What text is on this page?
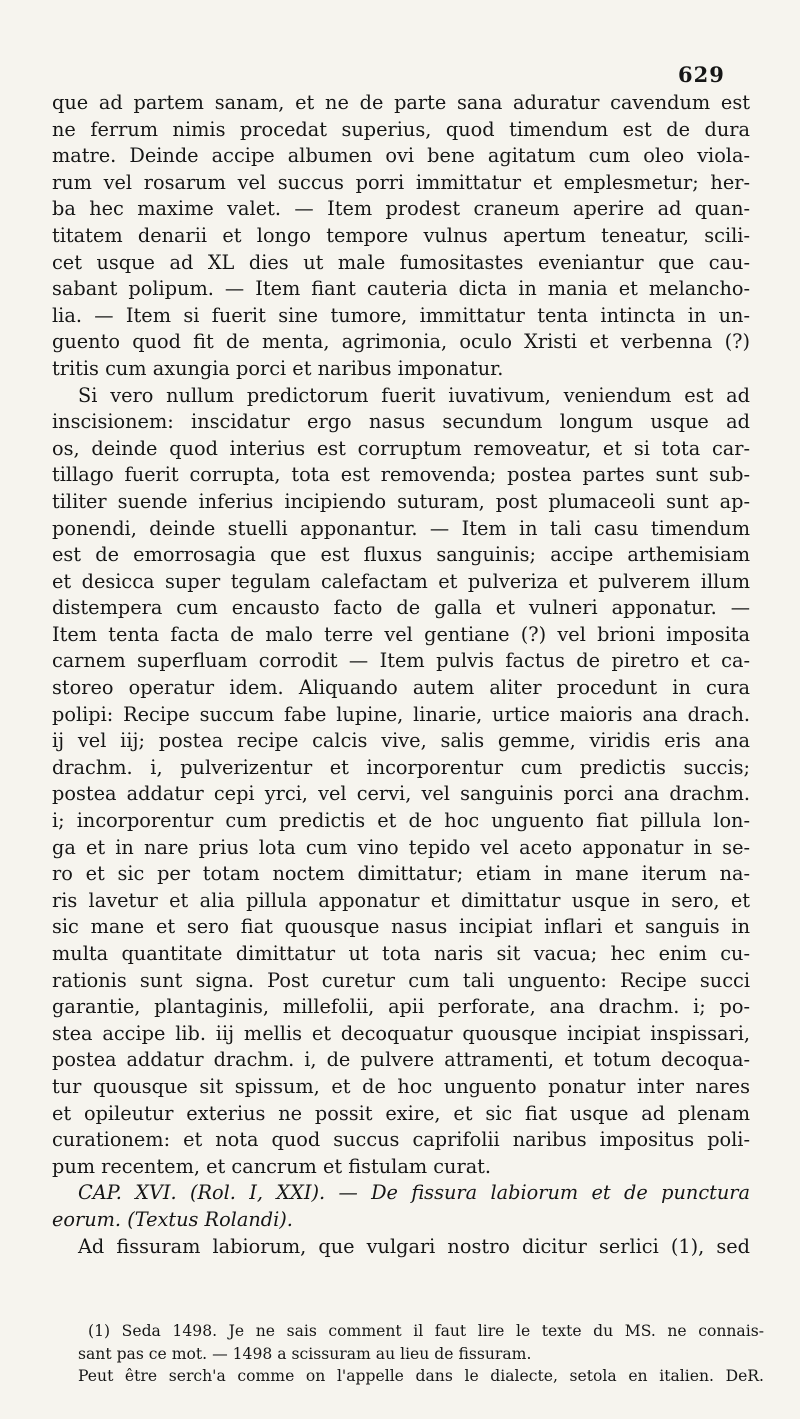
629
que ad partem sanam, et ne de parte sana aduratur cavendum est
ne ferrum nimis procedat superius, quod timendum est de dura
matre. Deinde accipe albumen ovi bene agitatum cum oleo viola-
rum vel rosarum vel succus porri immittatur et emplesmetur; her-
ba hec maxime valet. — Item prodest craneum aperire ad quan-
titatem denarii et longo tempore vulnus apertum teneatur, scili-
cet usque ad XL dies ut male fumositastes eveniantur que cau-
sabant polipum. — Item fiant cauteria dicta in mania et melancho-
lia. — Item si fuerit sine tumore, immittatur tenta intincta in un-
guento quod fit de menta, agrimonia, oculo Xristi et verbenna (?)
tritis cum axungia porci et naribus imponatur.
Si vero nullum predictorum fuerit iuvativum, veniendum est ad
inscisionem: inscidatur ergo nasus secundum longum usque ad
os, deinde quod interius est corruptum removeatur, et si tota car-
tillago fuerit corrupta, tota est removenda; postea partes sunt sub-
tiliter suende inferius incipiendo suturam, post plumaceoli sunt ap-
ponendi, deinde stuelli apponantur. — Item in tali casu timendum
est de emorrosagia que est fluxus sanguinis; accipe arthemisiam
et desicca super tegulam calefactam et pulveriza et pulverem illum
distempera cum encausto facto de galla et vulneri apponatur. —
Item tenta facta de malo terre vel gentiane (?) vel brioni imposita
carnem superfluam corrodit — Item pulvis factus de piretro et ca-
storeo operatur idem. Aliquando autem aliter procedunt in cura
polipi: Recipe succum fabe lupine, linarie, urtice maioris ana drach.
ij vel iij; postea recipe calcis vive, salis gemme, viridis eris ana
drachm. i, pulverizentur et incorporentur cum predictis succis;
postea addatur cepi yrci, vel cervi, vel sanguinis porci ana drachm.
i; incorporentur cum predictis et de hoc unguento fiat pillula lon-
ga et in nare prius lota cum vino tepido vel aceto apponatur in se-
ro et sic per totam noctem dimittatur; etiam in mane iterum na-
ris lavetur et alia pillula apponatur et dimittatur usque in sero, et
sic mane et sero fiat quousque nasus incipiat inflari et sanguis in
multa quantitate dimittatur ut tota naris sit vacua; hec enim cu-
rationis sunt signa. Post curetur cum tali unguento: Recipe succi
garantie, plantaginis, millefolii, apii perforate, ana drachm. i; po-
stea accipe lib. iij mellis et decoquatur quousque incipiat inspissari,
postea addatur drachm. i, de pulvere attramenti, et totum decoqua-
tur quousque sit spissum, et de hoc unguento ponatur inter nares
et opileutur exterius ne possit exire, et sic fiat usque ad plenam
curationem: et nota quod succus caprifolii naribus impositus poli-
pum recentem, et cancrum et fistulam curat.
CAP. XVI. (Rol. I, XXI). — De fissura labiorum et de punctura
eorum. (Textus Rolandi).
Ad fissuram labiorum, que vulgari nostro dicitur serlici (1), sed
(1) Seda 1498. Je ne sais comment il faut lire le texte du MS. ne connais-
sant pas ce mot. — 1498 a scissuram au lieu de fissuram.
Peut être serch'a comme on l'appelle dans le dialecte, setola en italien. DeR.
